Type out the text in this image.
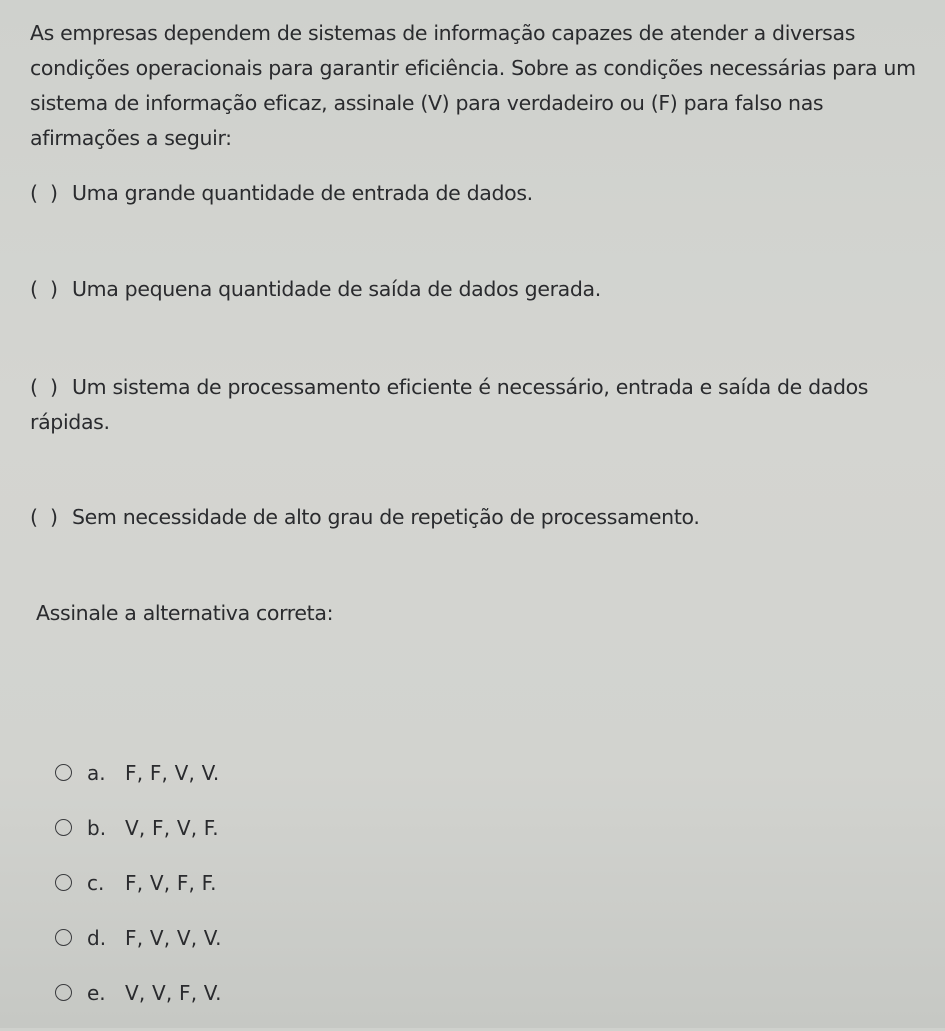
As empresas dependem de sistemas de informação capazes de atender a diversas condições operacionais para garantir eficiência. Sobre as condições necessárias para um sistema de informação eficaz, assinale (V) para verdadeiro ou (F) para falso nas afirmações a seguir:

(  ) Uma grande quantidade de entrada de dados.

(  ) Uma pequena quantidade de saída de dados gerada.

(  ) Um sistema de processamento eficiente é necessário, entrada e saída de dados rápidas.

(  ) Sem necessidade de alto grau de repetição de processamento.

Assinale a alternativa correta:

a. F, F, V, V.
b. V, F, V, F.
c.	F, V, F, F.
d. F, V, V, V.
e. V, V, F, V.
